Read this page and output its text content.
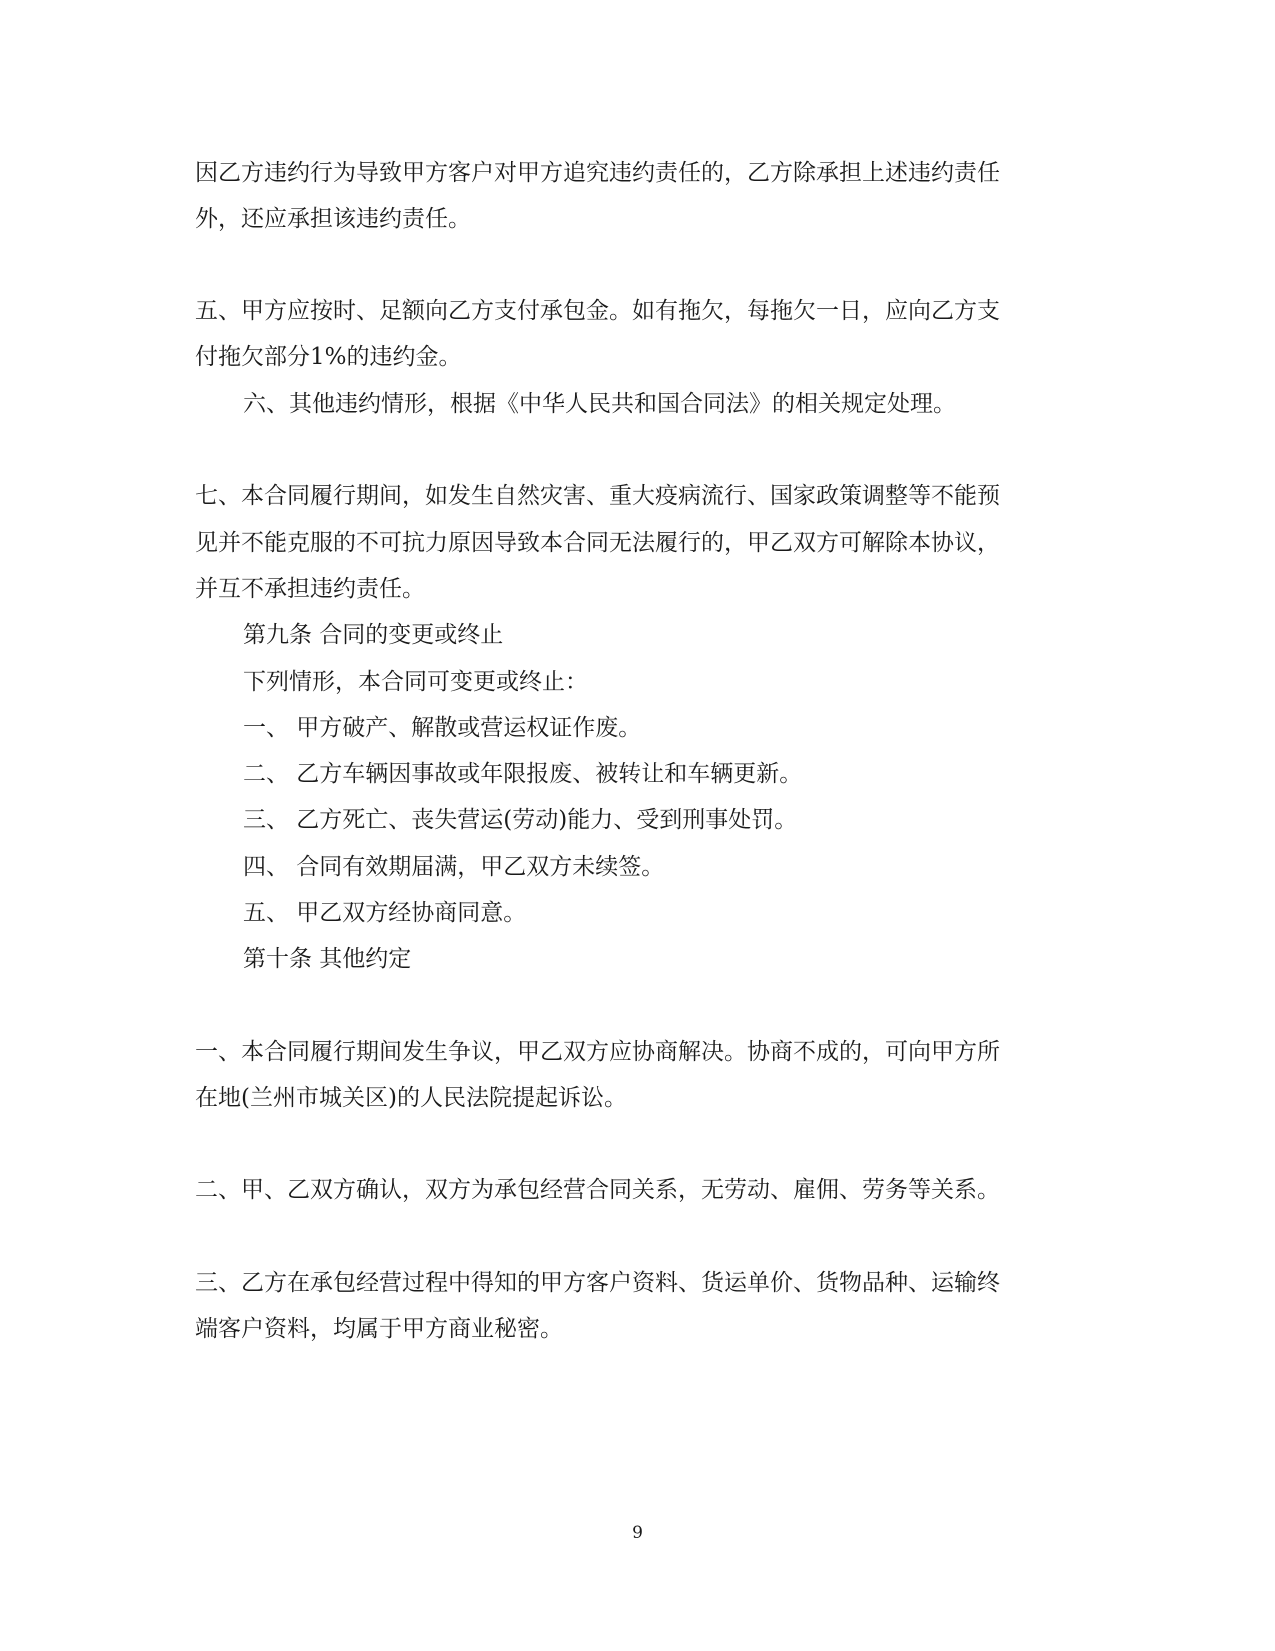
因乙方违约行为导致甲方客户对甲方追究违约责任的，乙方除承担上述违约责任
外，还应承担该违约责任。
五、甲方应按时、足额向乙方支付承包金。如有拖欠，每拖欠一日，应向乙方支
付拖欠部分1%的违约金。
六、其他违约情形，根据《中华人民共和国合同法》的相关规定处理。
七、本合同履行期间，如发生自然灾害、重大疫病流行、国家政策调整等不能预
见并不能克服的不可抗力原因导致本合同无法履行的，甲乙双方可解除本协议，
并互不承担违约责任。
第九条 合同的变更或终止
下列情形，本合同可变更或终止：
一、 甲方破产、解散或营运权证作废。
二、 乙方车辆因事故或年限报废、被转让和车辆更新。
三、 乙方死亡、丧失营运(劳动)能力、受到刑事处罚。
四、 合同有效期届满，甲乙双方未续签。
五、 甲乙双方经协商同意。
第十条 其他约定
一、本合同履行期间发生争议，甲乙双方应协商解决。协商不成的，可向甲方所
在地(兰州市城关区)的人民法院提起诉讼。
二、甲、乙双方确认，双方为承包经营合同关系，无劳动、雇佣、劳务等关系。
三、乙方在承包经营过程中得知的甲方客户资料、货运单价、货物品种、运输终
端客户资料，均属于甲方商业秘密。
9
